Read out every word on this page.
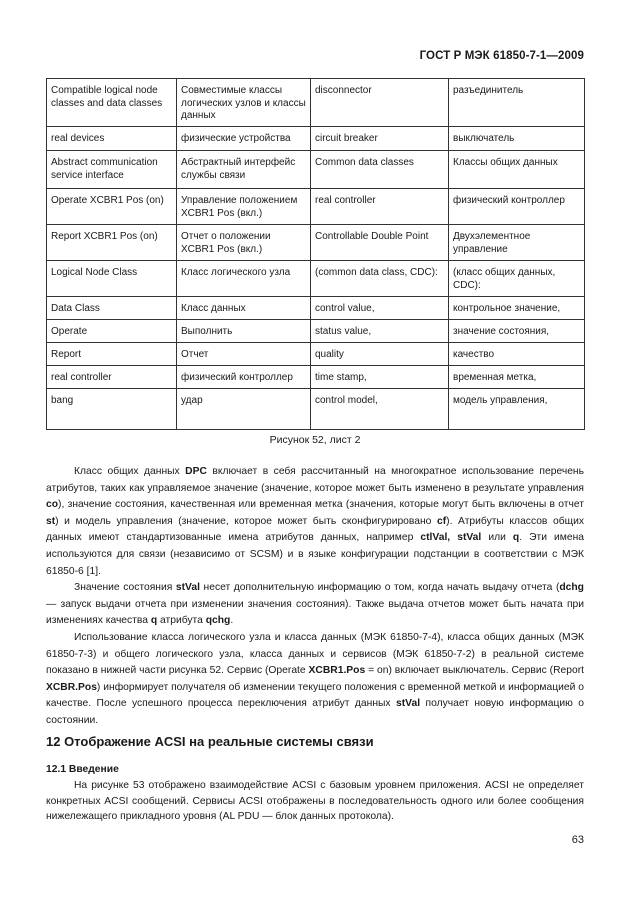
ГОСТ Р МЭК 61850-7-1—2009
Compatible logical node classes and data classes	Совместимые классы логических узлов и классы данных	disconnector	разъединитель
real devices	физические устройства	circuit breaker	выключатель
Abstract communication service interface	Абстрактный интерфейс службы связи	Common data classes	Классы общих данных
Operate XCBR1 Pos (on)	Управление положением XCBR1 Pos (вкл.)	real controller	физический контроллер
Report XCBR1 Pos (on)	Отчет о положении XCBR1 Pos (вкл.)	Controllable Double Point	Двухэлементное управление
Logical Node Class	Класс логического узла	(common data class, CDC):	(класс общих данных, CDC):
Data Class	Класс данных	control value,	контрольное значение,
Operate	Выполнить	status value,	значение состояния,
Report	Отчет	quality	качество
real controller	физический контроллер	time stamp,	временная метка,
bang	удар	control model,	модель управления,
Рисунок 52, лист 2

Класс общих данных DPC включает в себя рассчитанный на многократное использование перечень атрибутов, таких как управляемое значение (значение, которое может быть изменено в результате управления co), значение состояния, качественная или временная метка (значения, которые могут быть включены в отчет st) и модель управления (значение, которое может быть сконфигурировано cf). Атрибуты классов общих данных имеют стандартизованные имена атрибутов данных, например ctlVal, stVal или q. Эти имена используются для связи (независимо от SCSM) и в языке конфигурации подстанции в соответствии с МЭК 61850-6 [1].

Значение состояния stVal несет дополнительную информацию о том, когда начать выдачу отчета (dchg — запуск выдачи отчета при изменении значения состояния). Также выдача отчетов может быть начата при изменениях качества q атрибута qchg.

Использование класса логического узла и класса данных (МЭК 61850-7-4), класса общих данных (МЭК 61850-7-3) и общего логического узла, класса данных и сервисов (МЭК 61850-7-2) в реальной системе показано в нижней части рисунка 52. Сервис (Operate XCBR1.Pos = on) включает выключатель. Сервис (Report XCBR.Pos) информирует получателя об изменении текущего положения с временной меткой и информацией о качестве. После успешного процесса переключения атрибут данных stVal получает новую информацию о состоянии.

12 Отображение ACSI на реальные системы связи
12.1 Введение

На рисунке 53 отображено взаимодействие ACSI с базовым уровнем приложения. ACSI не определяет конкретных ACSI сообщений. Сервисы ACSI отображены в последовательность одного или более сообщения нижележащего прикладного уровня (AL PDU — блок данных протокола).

63
